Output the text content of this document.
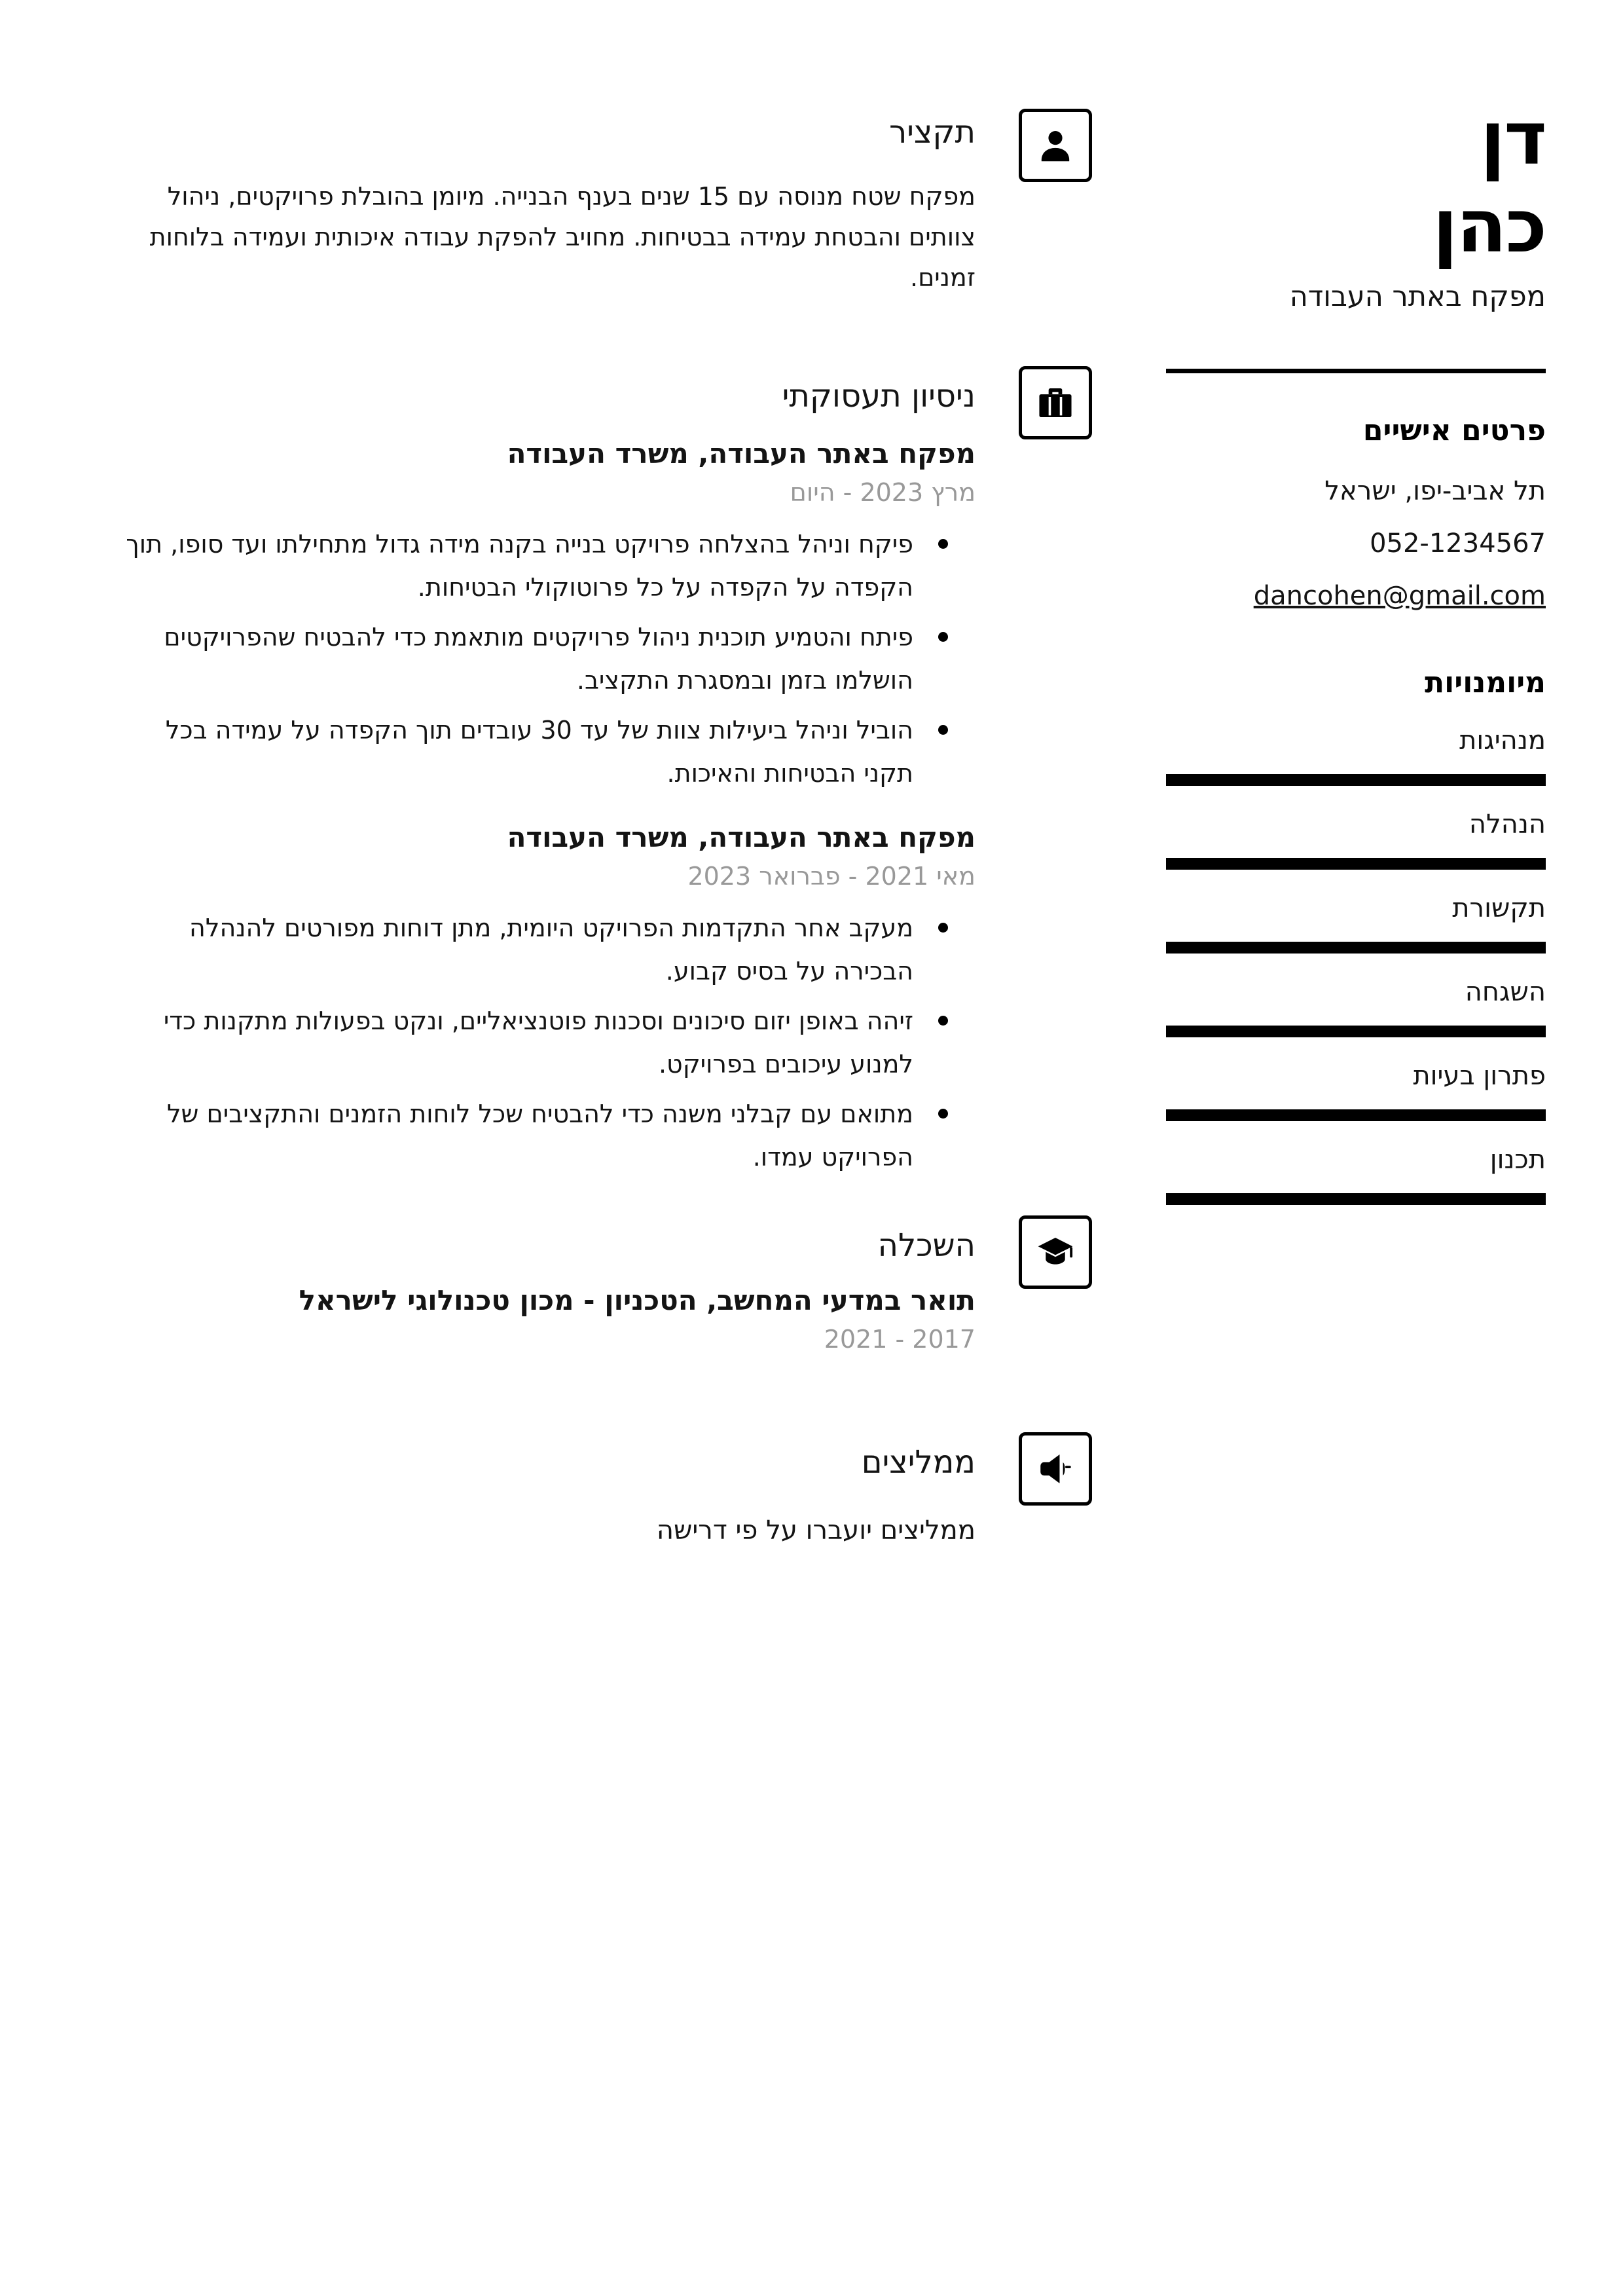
דן
כהן
מפקח באתר העבודה
פרטים אישיים
תל אביב-יפו, ישראל
052-1234567
dancohen@gmail.com
מיומנויות
מנהיגות
הנהלה
תקשורת
השגחה
פתרון בעיות
תכנון
תקציר

מפקח שטח מנוסה עם 15 שנים בענף הבנייה. מיומן בהובלת פרויקטים, ניהול צוותים והבטחת עמידה בבטיחות. מחויב להפקת עבודה איכותית ועמידה בלוחות זמנים.

ניסיון תעסוקתי
מפקח באתר העבודה, משרד העבודה
מרץ 2023 - היום
פיקח וניהל בהצלחה פרויקט בנייה בקנה מידה גדול מתחילתו ועד סופו, תוך הקפדה על הקפדה על כל פרוטוקולי הבטיחות.
פיתח והטמיע תוכנית ניהול פרויקטים מותאמת כדי להבטיח שהפרויקטים הושלמו בזמן ובמסגרת התקציב.
הוביל וניהל ביעילות צוות של עד 30 עובדים תוך הקפדה על עמידה בכל תקני הבטיחות והאיכות.
מפקח באתר העבודה, משרד העבודה
מאי 2021 - פברואר 2023
מעקב אחר התקדמות הפרויקט היומית, מתן דוחות מפורטים להנהלה הבכירה על בסיס קבוע.
זיהה באופן יזום סיכונים וסכנות פוטנציאליים, ונקט בפעולות מתקנות כדי למנוע עיכובים בפרויקט.
מתואם עם קבלני משנה כדי להבטיח שכל לוחות הזמנים והתקציבים של הפרויקט עמדו.
השכלה
תואר במדעי המחשב, הטכניון - מכון טכנולוגי לישראל
2017 - 2021
ממליצים
ממליצים יועברו על פי דרישה
